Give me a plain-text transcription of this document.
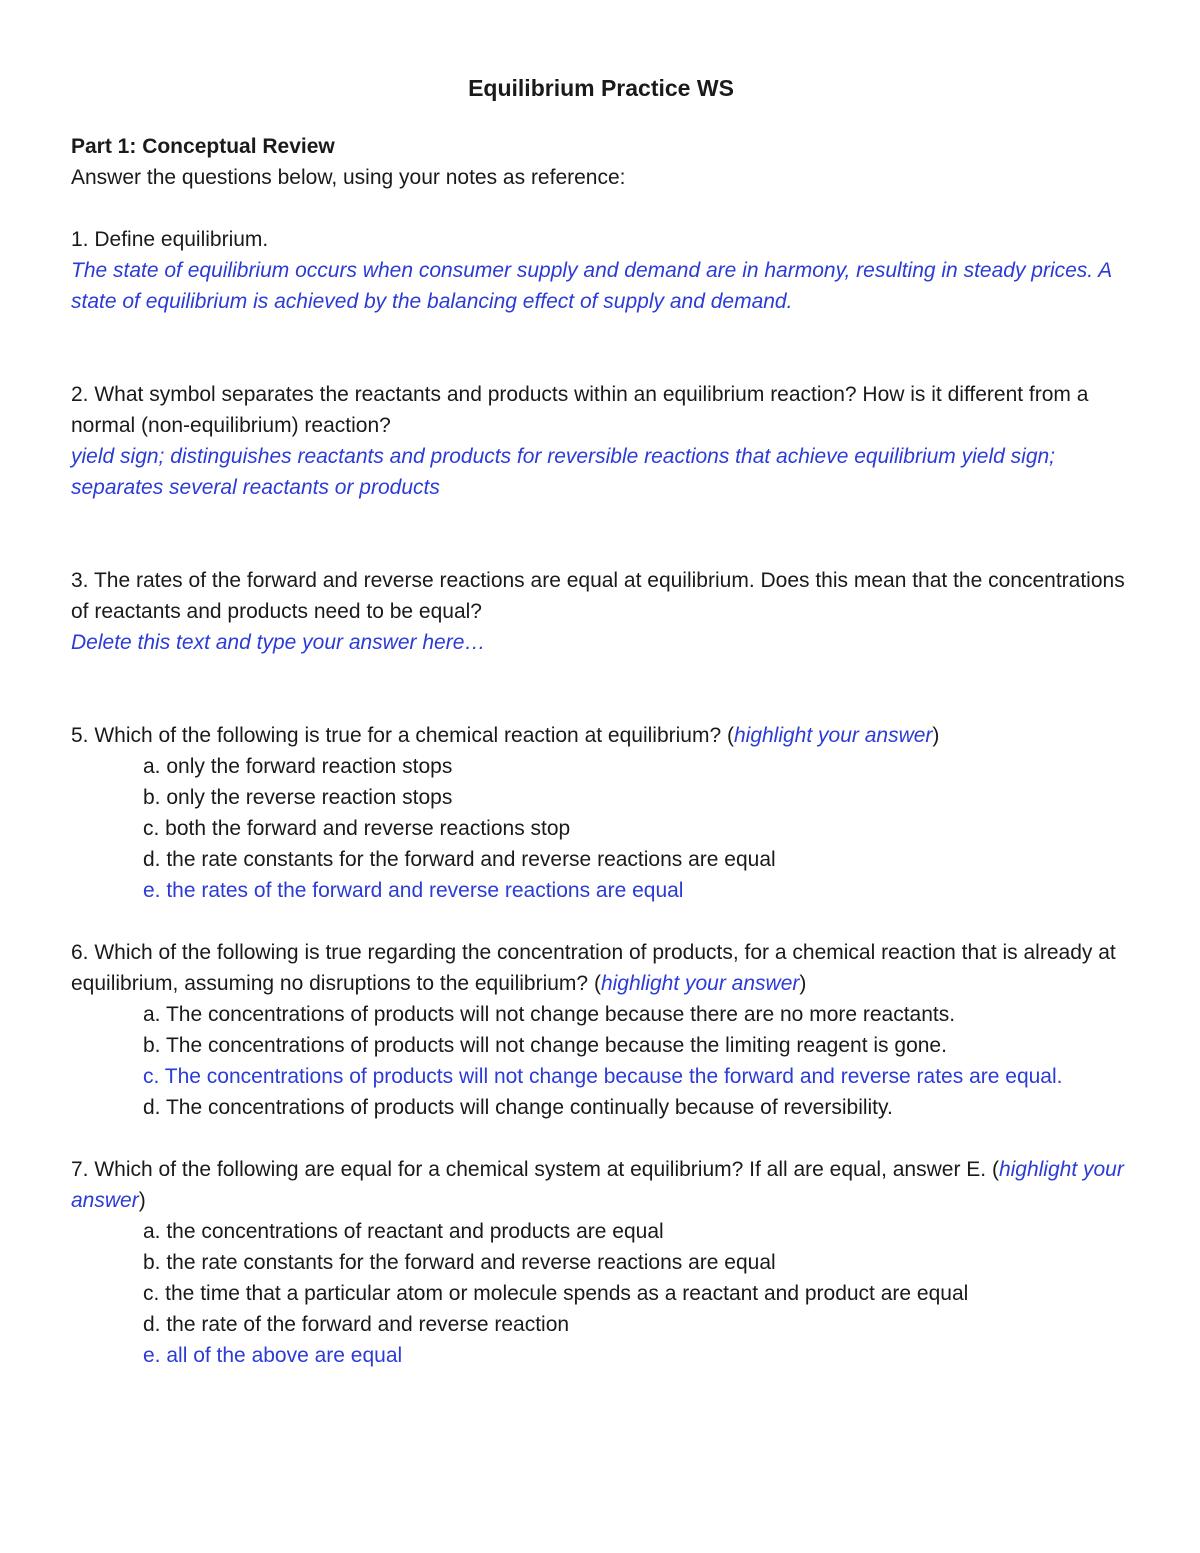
Equilibrium Practice WS

Part 1: Conceptual Review

Answer the questions below, using your notes as reference:

1. Define equilibrium.

The state of equilibrium occurs when consumer supply and demand are in harmony, resulting in steady prices. A state of equilibrium is achieved by the balancing effect of supply and demand.

2. What symbol separates the reactants and products within an equilibrium reaction? How is it different from a normal (non-equilibrium) reaction?

yield sign; distinguishes reactants and products for reversible reactions that achieve equilibrium yield sign; separates several reactants or products

3. The rates of the forward and reverse reactions are equal at equilibrium. Does this mean that the concentrations of reactants and products need to be equal?

Delete this text and type your answer here…

5. Which of the following is true for a chemical reaction at equilibrium? (highlight your answer)

a. only the forward reaction stops

b. only the reverse reaction stops

c. both the forward and reverse reactions stop

d. the rate constants for the forward and reverse reactions are equal

e. the rates of the forward and reverse reactions are equal

6. Which of the following is true regarding the concentration of products, for a chemical reaction that is already at equilibrium, assuming no disruptions to the equilibrium? (highlight your answer)

a. The concentrations of products will not change because there are no more reactants.

b. The concentrations of products will not change because the limiting reagent is gone.

c. The concentrations of products will not change because the forward and reverse rates are equal.

d. The concentrations of products will change continually because of reversibility.

7. Which of the following are equal for a chemical system at equilibrium? If all are equal, answer E. (highlight your answer)

a. the concentrations of reactant and products are equal

b. the rate constants for the forward and reverse reactions are equal

c. the time that a particular atom or molecule spends as a reactant and product are equal

d. the rate of the forward and reverse reaction

e. all of the above are equal
